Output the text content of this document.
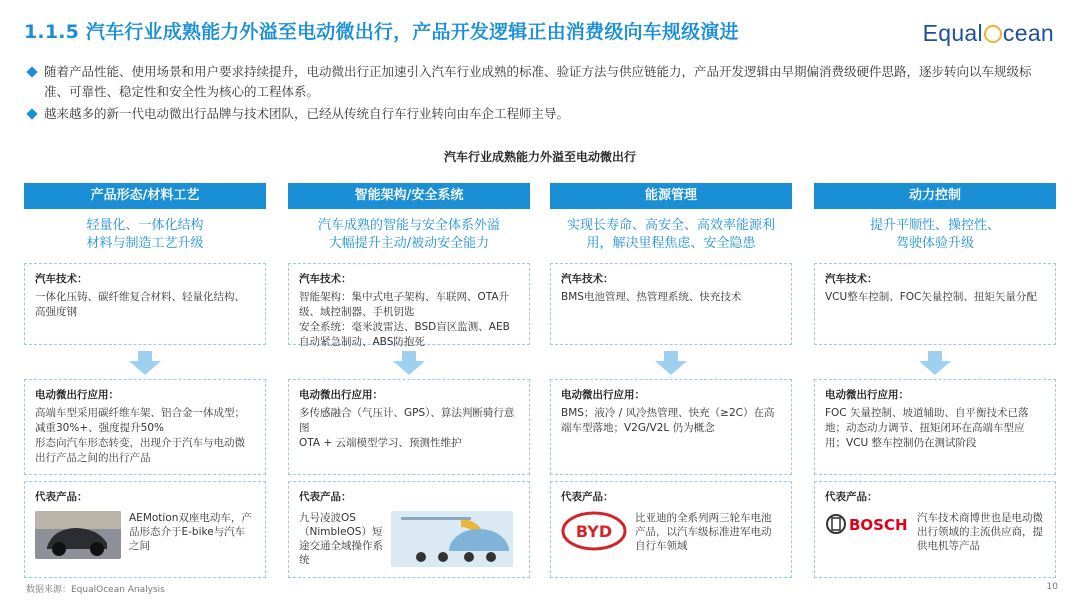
1.1.5 汽车行业成熟能力外溢至电动微出行，产品开发逻辑正由消费级向车规级演进	Equal cean
随着产品性能、使用场景和用户要求持续提升，电动微出行正加速引入汽车行业成熟的标准、验证方法与供应链能力，产品开发逻辑由早期偏消费级硬件思路，逐步转向以车规级标准、可靠性、稳定性和安全性为核心的工程体系。
越来越多的新一代电动微出行品牌与技术团队，已经从传统自行车行业转向由车企工程师主导。
汽车行业成熟能力外溢至电动微出行
产品形态/材料工艺
轻量化、一体化结构
材料与制造工艺升级
汽车技术：
一体化压铸、碳纤维复合材料、轻量化结构、高强度钢
电动微出行应用：
高端车型采用碳纤维车架、铝合金一体成型；减重30%+、强度提升50%
形态向汽车形态转变，出现介于汽车与电动微出行产品之间的出行产品
代表产品：
AEMotion双座电动车，产品形态介于E-bike与汽车之间
智能架构/安全系统
汽车成熟的智能与安全体系外溢
大幅提升主动/被动安全能力
汽车技术：
智能架构：集中式电子架构、车联网、OTA升级、域控制器、手机钥匙
安全系统：毫米波雷达、BSD盲区监测、AEB自动紧急制动、ABS防抱死
电动微出行应用：
多传感融合（气压计、GPS）、算法判断骑行意图
OTA + 云端模型学习、预测性维护
代表产品：
九号凌波OS（NimbleOS）短途交通全域操作系统
能源管理
实现长寿命、高安全、高效率能源利
用，解决里程焦虑、安全隐患
汽车技术：
BMS电池管理、热管理系统、快充技术
电动微出行应用：
BMS；液冷 / 风冷热管理、快充（≥2C）在高端车型落地；V2G/V2L 仍为概念
代表产品：
BYD
比亚迪的全系列两三轮车电池产品，以汽车级标准进军电动自行车领域
动力控制
提升平顺性、操控性、
驾驶体验升级
汽车技术：
VCU整车控制、FOC矢量控制、扭矩矢量分配
电动微出行应用：
FOC 矢量控制、坡道辅助、自平衡技术已落地；动态动力调节、扭矩闭环在高端车型应用；VCU 整车控制仍在测试阶段
代表产品：
BOSCH 汽车技术商博世也是电动微出行领域的主流供应商，提供电机等产品
数据来源：EqualOcean Analysis	10
